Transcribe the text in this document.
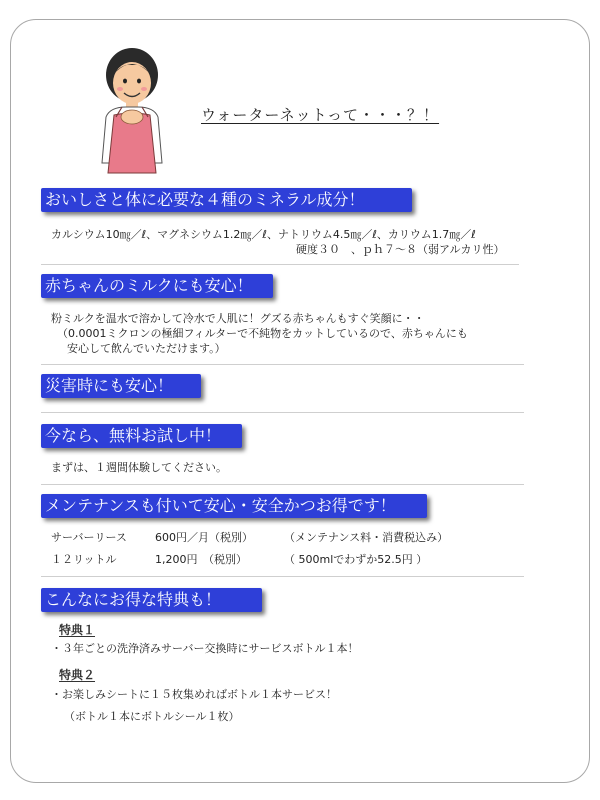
ウォーターネットって・・・？！
おいしさと体に必要な４種のミネラル成分！
カルシウム10㎎／ℓ、マグネシウム1.2㎎／ℓ、ナトリウム4.5㎎／ℓ、カリウム1.7㎎／ℓ
硬度３０　、ｐｈ７～８（弱アルカリ性）
赤ちゃんのミルクにも安心！
粉ミルクを温水で溶かして冷水で人肌に！グズる赤ちゃんもすぐ笑顔に・・
（0.0001ミクロンの極細フィルターで不純物をカットしているので、赤ちゃんにも
安心して飲んでいただけます。）
災害時にも安心！
今なら、無料お試し中！
まずは、１週間体験してください。
メンテナンスも付いて安心・安全かつお得です！
サーバーリース	600円／月（税別）	（メンテナンス料・消費税込み）
１２リットル	1,200円　（税別）	（ 500mlでわずか52.5円 ）
こんなにお得な特典も！
特典１
・３年ごとの洗浄済みサーバー交換時にサービスボトル１本！
特典２
・お楽しみシートに１５枚集めればボトル１本サービス！
（ボトル１本にボトルシール１枚）
